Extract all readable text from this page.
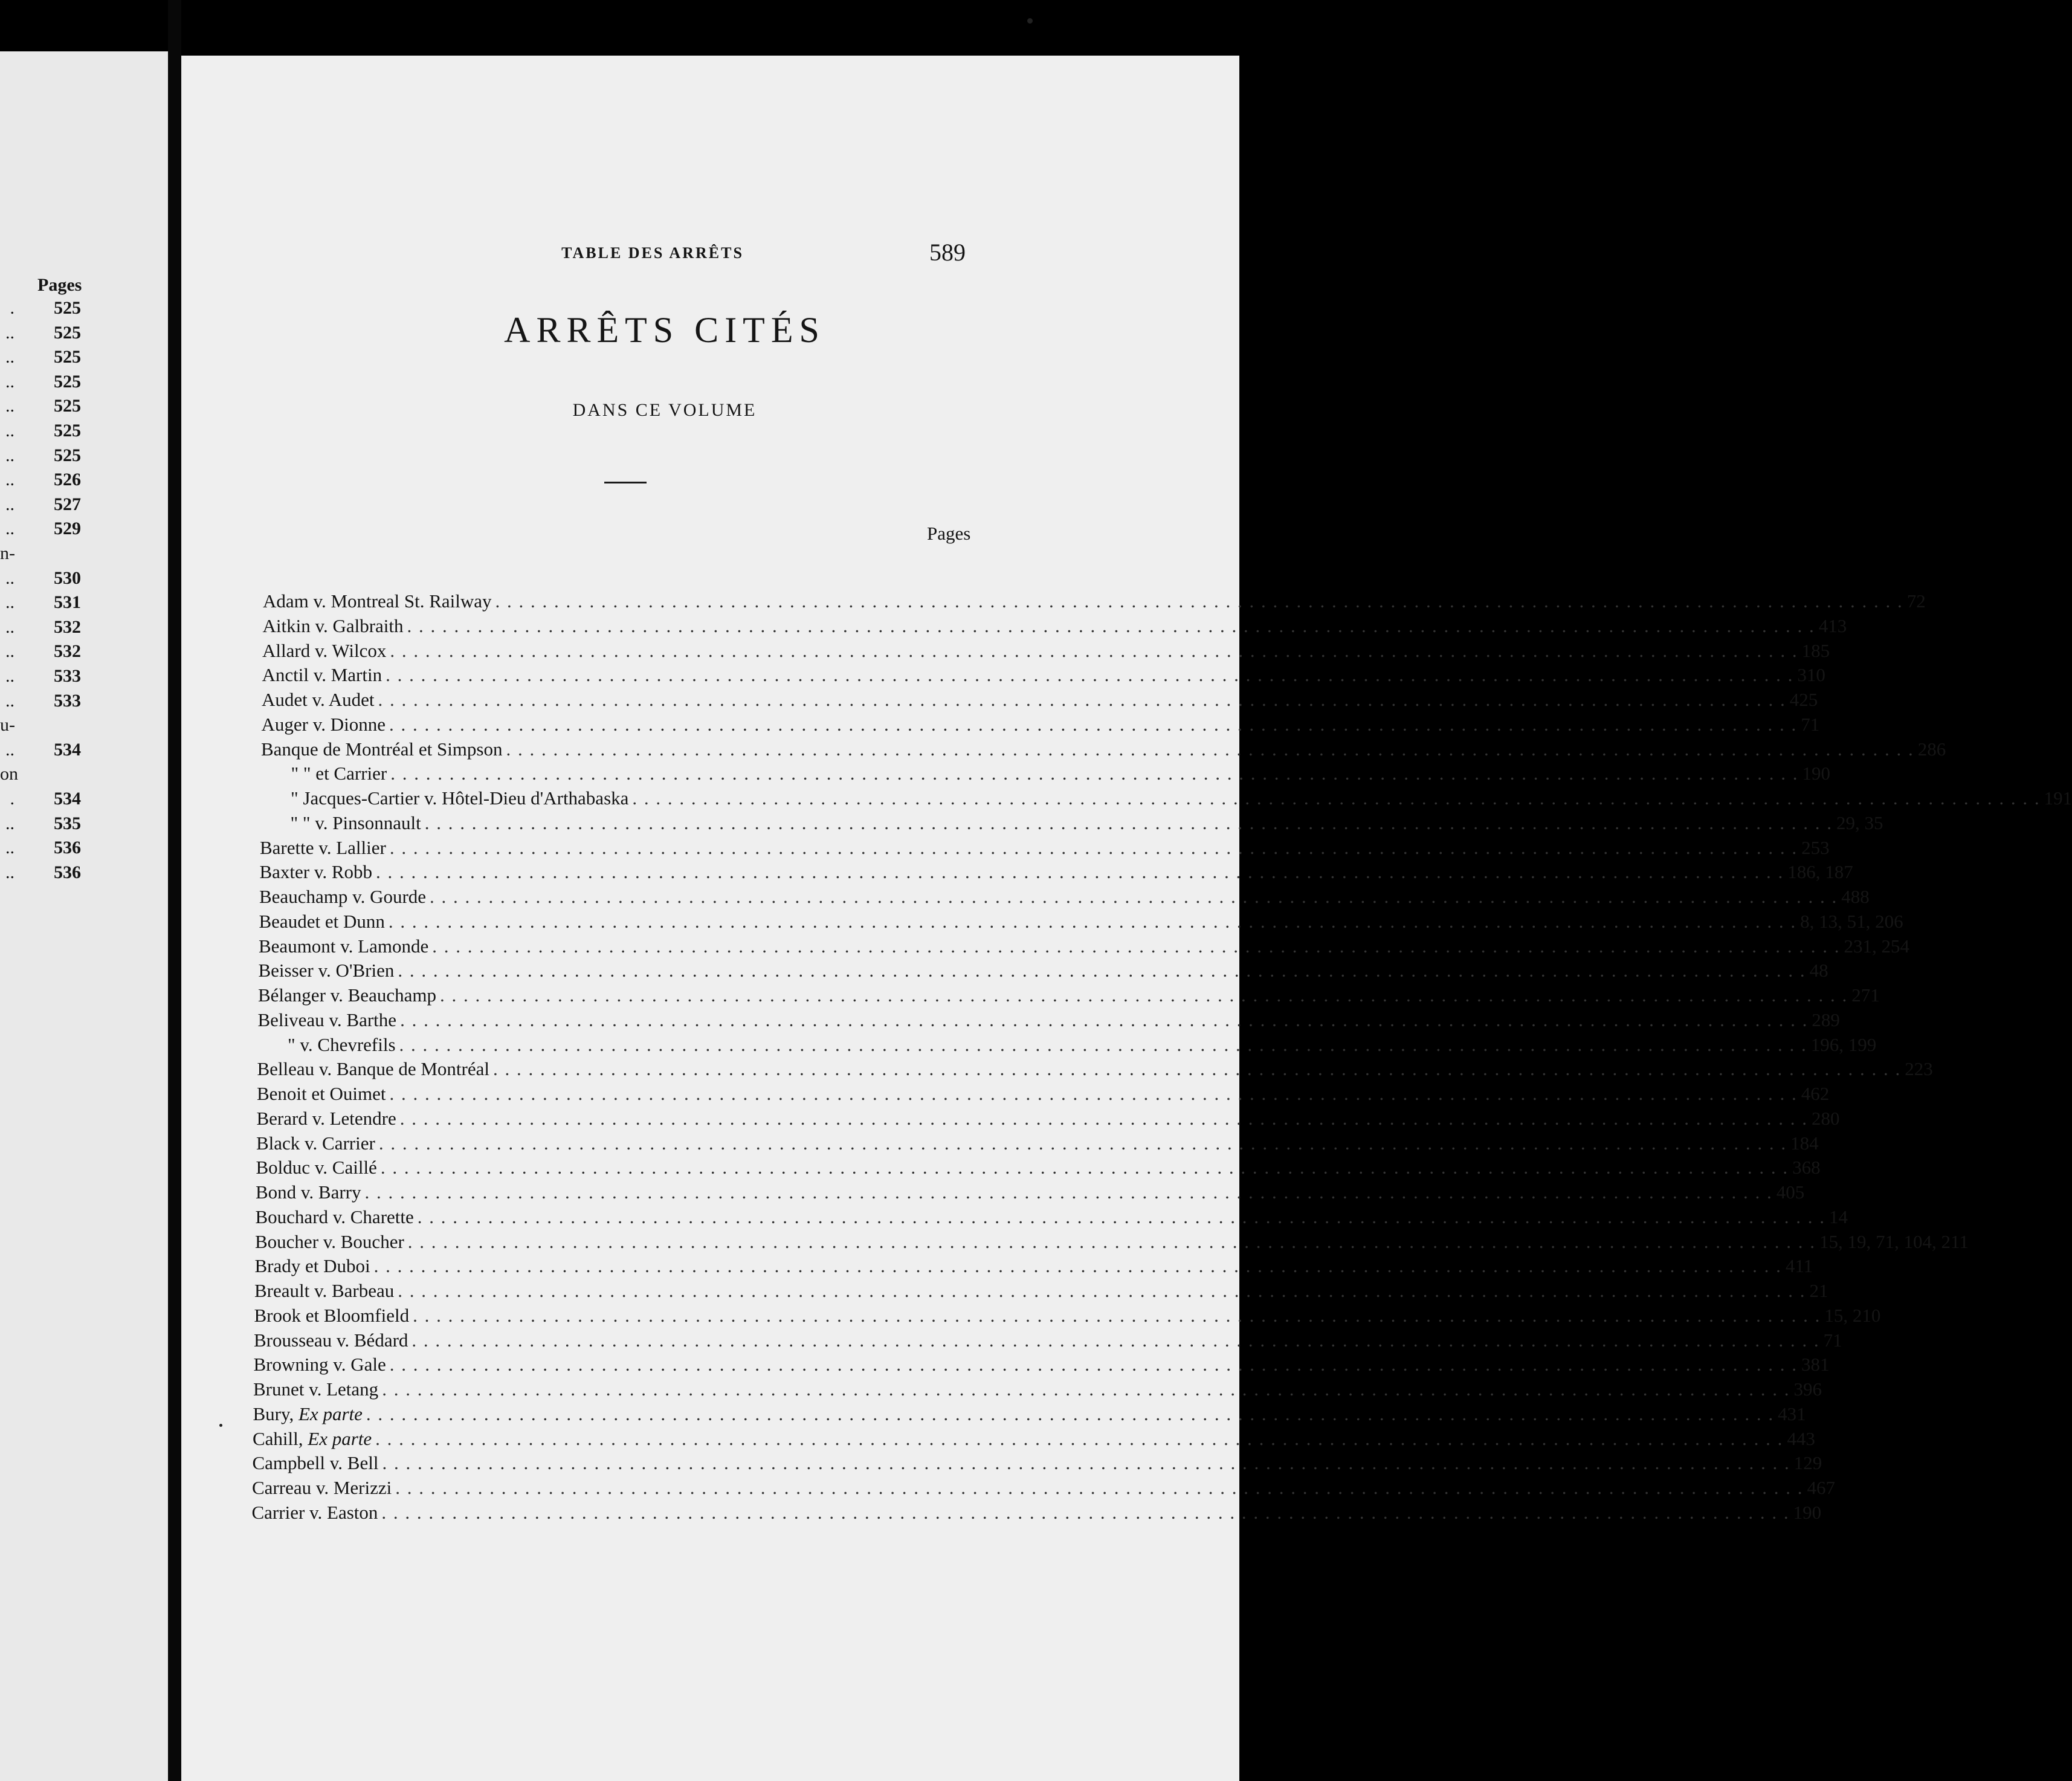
Pages
. 525
.. 525
.. 525
.. 525
.. 525
.. 525
.. 525
.. 526
.. 527
.. 529
n-
.. 530
.. 531
.. 532
.. 532
.. 533
.. 533
u-
.. 534
on
. 534
.. 535
.. 536
.. 536
TABLE DES ARRÊTS	589
ARRÊTS CITÉS
DANS CE VOLUME
Pages
Adam v. Montreal St. Railway . . . . . . . . . . . . . . . . . . . . . . . . . . . . . . . . . . . . . . . . . . . . . . . . . . . . . . . . . . . . . . . . . . . . . . . . . . . . . . . . . . . . . . . . . . . . . . . . . . . . . . . . . . . . . . . . . . . . . . . . 72
Aitkin v. Galbraith . . . . . . . . . . . . . . . . . . . . . . . . . . . . . . . . . . . . . . . . . . . . . . . . . . . . . . . . . . . . . . . . . . . . . . . . . . . . . . . . . . . . . . . . . . . . . . . . . . . . . . . . . . . . . . . . . . . . . . . . 413
Allard v. Wilcox . . . . . . . . . . . . . . . . . . . . . . . . . . . . . . . . . . . . . . . . . . . . . . . . . . . . . . . . . . . . . . . . . . . . . . . . . . . . . . . . . . . . . . . . . . . . . . . . . . . . . . . . . . . . . . . . . . . . . . . . 185
Anctil v. Martin . . . . . . . . . . . . . . . . . . . . . . . . . . . . . . . . . . . . . . . . . . . . . . . . . . . . . . . . . . . . . . . . . . . . . . . . . . . . . . . . . . . . . . . . . . . . . . . . . . . . . . . . . . . . . . . . . . . . . . . . 310
Audet v. Audet . . . . . . . . . . . . . . . . . . . . . . . . . . . . . . . . . . . . . . . . . . . . . . . . . . . . . . . . . . . . . . . . . . . . . . . . . . . . . . . . . . . . . . . . . . . . . . . . . . . . . . . . . . . . . . . . . . . . . . . . 425
Auger v. Dionne . . . . . . . . . . . . . . . . . . . . . . . . . . . . . . . . . . . . . . . . . . . . . . . . . . . . . . . . . . . . . . . . . . . . . . . . . . . . . . . . . . . . . . . . . . . . . . . . . . . . . . . . . . . . . . . . . . . . . . . . 71
Banque de Montréal et Simpson . . . . . . . . . . . . . . . . . . . . . . . . . . . . . . . . . . . . . . . . . . . . . . . . . . . . . . . . . . . . . . . . . . . . . . . . . . . . . . . . . . . . . . . . . . . . . . . . . . . . . . . . . . . . . . . . . . . . . . . . 286
" " et Carrier . . . . . . . . . . . . . . . . . . . . . . . . . . . . . . . . . . . . . . . . . . . . . . . . . . . . . . . . . . . . . . . . . . . . . . . . . . . . . . . . . . . . . . . . . . . . . . . . . . . . . . . . . . . . . . . . . . . . . . . . 190
" Jacques-Cartier v. Hôtel-Dieu d'Arthabaska . . . . . . . . . . . . . . . . . . . . . . . . . . . . . . . . . . . . . . . . . . . . . . . . . . . . . . . . . . . . . . . . . . . . . . . . . . . . . . . . . . . . . . . . . . . . . . . . . . . . . . . . . . . . . . . . . . . . . . . . 191
" " v. Pinsonnault . . . . . . . . . . . . . . . . . . . . . . . . . . . . . . . . . . . . . . . . . . . . . . . . . . . . . . . . . . . . . . . . . . . . . . . . . . . . . . . . . . . . . . . . . . . . . . . . . . . . . . . . . . . . . . . . . . . . . . . . 29, 35
Barette v. Lallier . . . . . . . . . . . . . . . . . . . . . . . . . . . . . . . . . . . . . . . . . . . . . . . . . . . . . . . . . . . . . . . . . . . . . . . . . . . . . . . . . . . . . . . . . . . . . . . . . . . . . . . . . . . . . . . . . . . . . . . . 253
Baxter v. Robb . . . . . . . . . . . . . . . . . . . . . . . . . . . . . . . . . . . . . . . . . . . . . . . . . . . . . . . . . . . . . . . . . . . . . . . . . . . . . . . . . . . . . . . . . . . . . . . . . . . . . . . . . . . . . . . . . . . . . . . . 186, 187
Beauchamp v. Gourde . . . . . . . . . . . . . . . . . . . . . . . . . . . . . . . . . . . . . . . . . . . . . . . . . . . . . . . . . . . . . . . . . . . . . . . . . . . . . . . . . . . . . . . . . . . . . . . . . . . . . . . . . . . . . . . . . . . . . . . . 488
Beaudet et Dunn . . . . . . . . . . . . . . . . . . . . . . . . . . . . . . . . . . . . . . . . . . . . . . . . . . . . . . . . . . . . . . . . . . . . . . . . . . . . . . . . . . . . . . . . . . . . . . . . . . . . . . . . . . . . . . . . . . . . . . . . 8, 13, 51, 206
Beaumont v. Lamonde . . . . . . . . . . . . . . . . . . . . . . . . . . . . . . . . . . . . . . . . . . . . . . . . . . . . . . . . . . . . . . . . . . . . . . . . . . . . . . . . . . . . . . . . . . . . . . . . . . . . . . . . . . . . . . . . . . . . . . . . 231, 254
Beisser v. O'Brien . . . . . . . . . . . . . . . . . . . . . . . . . . . . . . . . . . . . . . . . . . . . . . . . . . . . . . . . . . . . . . . . . . . . . . . . . . . . . . . . . . . . . . . . . . . . . . . . . . . . . . . . . . . . . . . . . . . . . . . . 48
Bélanger v. Beauchamp . . . . . . . . . . . . . . . . . . . . . . . . . . . . . . . . . . . . . . . . . . . . . . . . . . . . . . . . . . . . . . . . . . . . . . . . . . . . . . . . . . . . . . . . . . . . . . . . . . . . . . . . . . . . . . . . . . . . . . . . 271
Beliveau v. Barthe . . . . . . . . . . . . . . . . . . . . . . . . . . . . . . . . . . . . . . . . . . . . . . . . . . . . . . . . . . . . . . . . . . . . . . . . . . . . . . . . . . . . . . . . . . . . . . . . . . . . . . . . . . . . . . . . . . . . . . . . 289
" v. Chevrefils . . . . . . . . . . . . . . . . . . . . . . . . . . . . . . . . . . . . . . . . . . . . . . . . . . . . . . . . . . . . . . . . . . . . . . . . . . . . . . . . . . . . . . . . . . . . . . . . . . . . . . . . . . . . . . . . . . . . . . . . 196, 199
Belleau v. Banque de Montréal . . . . . . . . . . . . . . . . . . . . . . . . . . . . . . . . . . . . . . . . . . . . . . . . . . . . . . . . . . . . . . . . . . . . . . . . . . . . . . . . . . . . . . . . . . . . . . . . . . . . . . . . . . . . . . . . . . . . . . . . 223
Benoit et Ouimet . . . . . . . . . . . . . . . . . . . . . . . . . . . . . . . . . . . . . . . . . . . . . . . . . . . . . . . . . . . . . . . . . . . . . . . . . . . . . . . . . . . . . . . . . . . . . . . . . . . . . . . . . . . . . . . . . . . . . . . . 462
Berard v. Letendre . . . . . . . . . . . . . . . . . . . . . . . . . . . . . . . . . . . . . . . . . . . . . . . . . . . . . . . . . . . . . . . . . . . . . . . . . . . . . . . . . . . . . . . . . . . . . . . . . . . . . . . . . . . . . . . . . . . . . . . . 280
Black v. Carrier . . . . . . . . . . . . . . . . . . . . . . . . . . . . . . . . . . . . . . . . . . . . . . . . . . . . . . . . . . . . . . . . . . . . . . . . . . . . . . . . . . . . . . . . . . . . . . . . . . . . . . . . . . . . . . . . . . . . . . . . 184
Bolduc v. Caillé . . . . . . . . . . . . . . . . . . . . . . . . . . . . . . . . . . . . . . . . . . . . . . . . . . . . . . . . . . . . . . . . . . . . . . . . . . . . . . . . . . . . . . . . . . . . . . . . . . . . . . . . . . . . . . . . . . . . . . . . 368
Bond v. Barry . . . . . . . . . . . . . . . . . . . . . . . . . . . . . . . . . . . . . . . . . . . . . . . . . . . . . . . . . . . . . . . . . . . . . . . . . . . . . . . . . . . . . . . . . . . . . . . . . . . . . . . . . . . . . . . . . . . . . . . . 405
Bouchard v. Charette . . . . . . . . . . . . . . . . . . . . . . . . . . . . . . . . . . . . . . . . . . . . . . . . . . . . . . . . . . . . . . . . . . . . . . . . . . . . . . . . . . . . . . . . . . . . . . . . . . . . . . . . . . . . . . . . . . . . . . . . 14
Boucher v. Boucher . . . . . . . . . . . . . . . . . . . . . . . . . . . . . . . . . . . . . . . . . . . . . . . . . . . . . . . . . . . . . . . . . . . . . . . . . . . . . . . . . . . . . . . . . . . . . . . . . . . . . . . . . . . . . . . . . . . . . . . . 15, 19, 71, 104, 211
Brady et Duboi . . . . . . . . . . . . . . . . . . . . . . . . . . . . . . . . . . . . . . . . . . . . . . . . . . . . . . . . . . . . . . . . . . . . . . . . . . . . . . . . . . . . . . . . . . . . . . . . . . . . . . . . . . . . . . . . . . . . . . . . 411
Breault v. Barbeau . . . . . . . . . . . . . . . . . . . . . . . . . . . . . . . . . . . . . . . . . . . . . . . . . . . . . . . . . . . . . . . . . . . . . . . . . . . . . . . . . . . . . . . . . . . . . . . . . . . . . . . . . . . . . . . . . . . . . . . . 21
Brook et Bloomfield . . . . . . . . . . . . . . . . . . . . . . . . . . . . . . . . . . . . . . . . . . . . . . . . . . . . . . . . . . . . . . . . . . . . . . . . . . . . . . . . . . . . . . . . . . . . . . . . . . . . . . . . . . . . . . . . . . . . . . . . 15, 210
Brousseau v. Bédard . . . . . . . . . . . . . . . . . . . . . . . . . . . . . . . . . . . . . . . . . . . . . . . . . . . . . . . . . . . . . . . . . . . . . . . . . . . . . . . . . . . . . . . . . . . . . . . . . . . . . . . . . . . . . . . . . . . . . . . . 71
Browning v. Gale . . . . . . . . . . . . . . . . . . . . . . . . . . . . . . . . . . . . . . . . . . . . . . . . . . . . . . . . . . . . . . . . . . . . . . . . . . . . . . . . . . . . . . . . . . . . . . . . . . . . . . . . . . . . . . . . . . . . . . . . 381
Brunet v. Letang . . . . . . . . . . . . . . . . . . . . . . . . . . . . . . . . . . . . . . . . . . . . . . . . . . . . . . . . . . . . . . . . . . . . . . . . . . . . . . . . . . . . . . . . . . . . . . . . . . . . . . . . . . . . . . . . . . . . . . . . 396
Bury, Ex parte . . . . . . . . . . . . . . . . . . . . . . . . . . . . . . . . . . . . . . . . . . . . . . . . . . . . . . . . . . . . . . . . . . . . . . . . . . . . . . . . . . . . . . . . . . . . . . . . . . . . . . . . . . . . . . . . . . . . . . . . 431
Cahill, Ex parte . . . . . . . . . . . . . . . . . . . . . . . . . . . . . . . . . . . . . . . . . . . . . . . . . . . . . . . . . . . . . . . . . . . . . . . . . . . . . . . . . . . . . . . . . . . . . . . . . . . . . . . . . . . . . . . . . . . . . . . . 443
Campbell v. Bell . . . . . . . . . . . . . . . . . . . . . . . . . . . . . . . . . . . . . . . . . . . . . . . . . . . . . . . . . . . . . . . . . . . . . . . . . . . . . . . . . . . . . . . . . . . . . . . . . . . . . . . . . . . . . . . . . . . . . . . . 129
Carreau v. Merizzi . . . . . . . . . . . . . . . . . . . . . . . . . . . . . . . . . . . . . . . . . . . . . . . . . . . . . . . . . . . . . . . . . . . . . . . . . . . . . . . . . . . . . . . . . . . . . . . . . . . . . . . . . . . . . . . . . . . . . . . . 467
Carrier v. Easton . . . . . . . . . . . . . . . . . . . . . . . . . . . . . . . . . . . . . . . . . . . . . . . . . . . . . . . . . . . . . . . . . . . . . . . . . . . . . . . . . . . . . . . . . . . . . . . . . . . . . . . . . . . . . . . . . . . . . . . . 190
